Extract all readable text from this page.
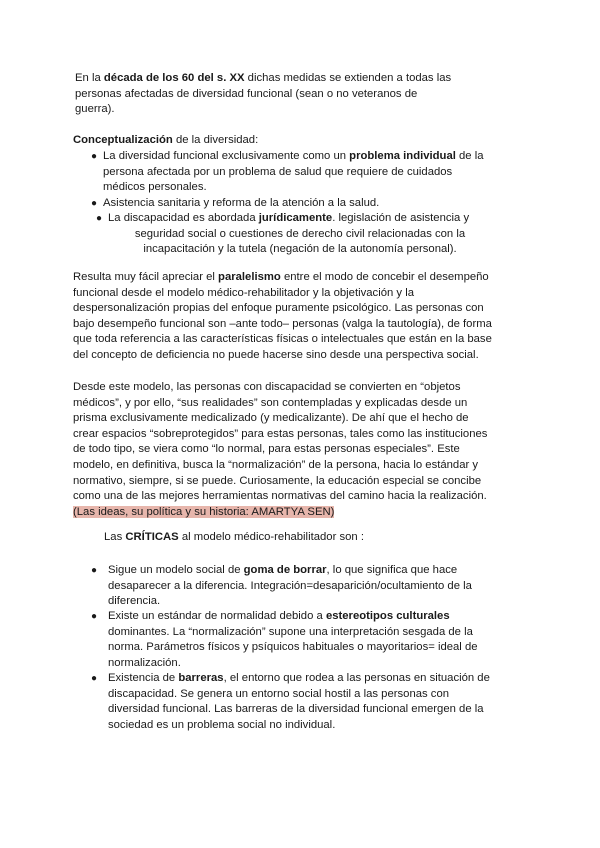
En la década de los 60 del s. XX dichas medidas se extienden a todas las

personas afectadas de diversidad funcional (sean o no veteranos de

guerra).

Conceptualización de la diversidad:

● La diversidad funcional exclusivamente como un problema individual de la

persona afectada por un problema de salud que requiere de cuidados

médicos personales.

● Asistencia sanitaria y reforma de la atención a la salud.
● La discapacidad es abordada jurídicamente. legislación de asistencia y

seguridad social o cuestiones de derecho civil relacionadas con la

incapacitación y la tutela (negación de la autonomía personal).

Resulta muy fácil apreciar el paralelismo entre el modo de concebir el desempeño

funcional desde el modelo médico-rehabilitador y la objetivación y la

despersonalización propias del enfoque puramente psicológico. Las personas con

bajo desempeño funcional son –ante todo– personas (valga la tautología), de forma

que toda referencia a las características físicas o intelectuales que están en la base

del concepto de deficiencia no puede hacerse sino desde una perspectiva social.

Desde este modelo, las personas con discapacidad se convierten en “objetos

médicos”, y por ello, “sus realidades” son contempladas y explicadas desde un

prisma exclusivamente medicalizado (y medicalizante). De ahí que el hecho de

crear espacios “sobreprotegidos” para estas personas, tales como las instituciones

de todo tipo, se viera como “lo normal, para estas personas especiales”. Este

modelo, en definitiva, busca la “normalización” de la persona, hacia lo estándar y

normativo, siempre, si se puede. Curiosamente, la educación especial se concibe

como una de las mejores herramientas normativas del camino hacia la realización.

(Las ideas, su política y su historia: AMARTYA SEN)

Las CRÍTICAS al modelo médico-rehabilitador son :

● Sigue un modelo social de goma de borrar, lo que significa que hace

desaparecer a la diferencia. Integración=desaparición/ocultamiento de la

diferencia.

● Existe un estándar de normalidad debido a estereotipos culturales

dominantes. La “normalización” supone una interpretación sesgada de la

norma. Parámetros físicos y psíquicos habituales o mayoritarios= ideal de

normalización.

● Existencia de barreras, el entorno que rodea a las personas en situación de

discapacidad. Se genera un entorno social hostil a las personas con

diversidad funcional. Las barreras de la diversidad funcional emergen de la

sociedad es un problema social no individual.
